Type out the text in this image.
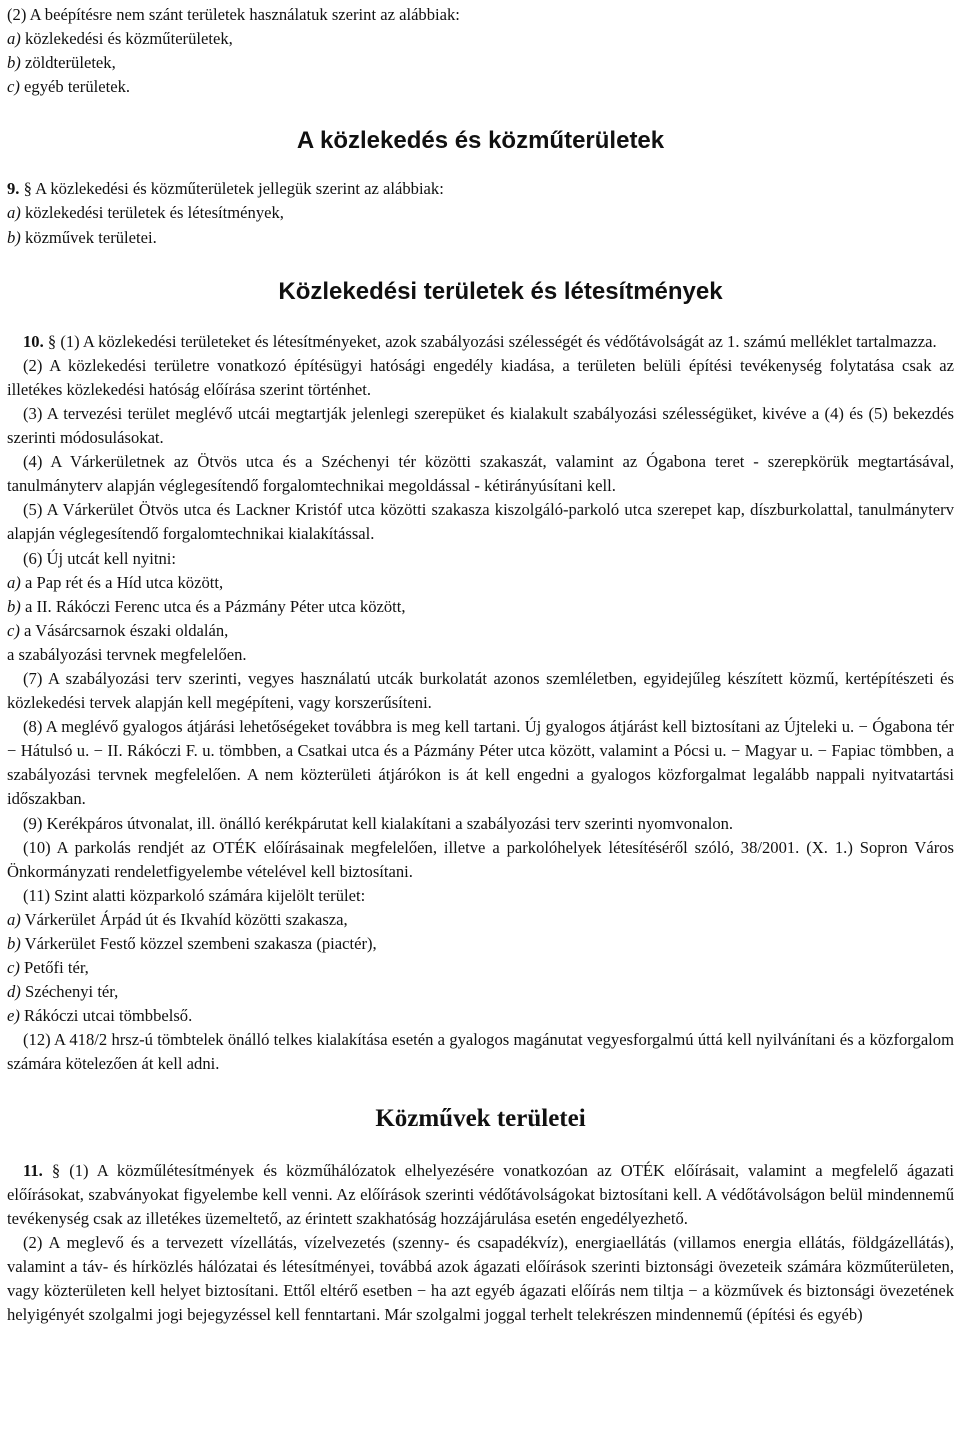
(2) A beépítésre nem szánt területek használatuk szerint az alábbiak:
a) közlekedési és közműterületek,
b) zöldterületek,
c) egyéb területek.
A közlekedés és közműterületek
9. § A közlekedési és közműterületek jellegük szerint az alábbiak:
a) közlekedési területek és létesítmények,
b) közművek területei.
Közlekedési területek és létesítmények

10. § (1) A közlekedési területeket és létesítményeket, azok szabályozási szélességét és védőtávolságát az 1. számú melléklet tartalmazza.

(2) A közlekedési területre vonatkozó építésügyi hatósági engedély kiadása, a területen belüli építési tevékenység folytatása csak az illetékes közlekedési hatóság előírása szerint történhet.

(3) A tervezési terület meglévő utcái megtartják jelenlegi szerepüket és kialakult szabályozási szélességüket, kivéve a (4) és (5) bekezdés szerinti módosulásokat.

(4) A Várkerületnek az Ötvös utca és a Széchenyi tér közötti szakaszát, valamint az Ógabona teret - szerepkörük megtartásával, tanulmányterv alapján véglegesítendő forgalomtechnikai megoldással - kétirányúsítani kell.

(5) A Várkerület Ötvös utca és Lackner Kristóf utca közötti szakasza kiszolgáló-parkoló utca szerepet kap, díszburkolattal, tanulmányterv alapján véglegesítendő forgalomtechnikai kialakítással.

(6) Új utcát kell nyitni:

a) a Pap rét és a Híd utca között,

b) a II. Rákóczi Ferenc utca és a Pázmány Péter utca között,

c) a Vásárcsarnok északi oldalán,

a szabályozási tervnek megfelelően.

(7) A szabályozási terv szerinti, vegyes használatú utcák burkolatát azonos szemléletben, egyidejűleg készített közmű, kertépítészeti és közlekedési tervek alapján kell megépíteni, vagy korszerűsíteni.

(8) A meglévő gyalogos átjárási lehetőségeket továbbra is meg kell tartani. Új gyalogos átjárást kell biztosítani az Újteleki u. − Ógabona tér − Hátulsó u. − II. Rákóczi F. u. tömbben, a Csatkai utca és a Pázmány Péter utca között, valamint a Pócsi u. − Magyar u. − Fapiac tömbben, a szabályozási tervnek megfelelően. A nem közterületi átjárókon is át kell engedni a gyalogos közforgalmat legalább nappali nyitvatartási időszakban.

(9) Kerékpáros útvonalat, ill. önálló kerékpárutat kell kialakítani a szabályozási terv szerinti nyomvonalon.

(10) A parkolás rendjét az OTÉK előírásainak megfelelően, illetve a parkolóhelyek létesítéséről szóló, 38/2001. (X. 1.) Sopron Város Önkormányzati rendeletfigyelembe vételével kell biztosítani.

(11) Szint alatti közparkoló számára kijelölt terület:

a) Várkerület Árpád út és Ikvahíd közötti szakasza,

b) Várkerület Festő közzel szembeni szakasza (piactér),

c) Petőfi tér,

d) Széchenyi tér,

e) Rákóczi utcai tömbbelső.

(12) A 418/2 hrsz-ú tömbtelek önálló telkes kialakítása esetén a gyalogos magánutat vegyesforgalmú úttá kell nyilvánítani és a közforgalom számára kötelezően át kell adni.

Közművek területei

11. § (1) A közműlétesítmények és közműhálózatok elhelyezésére vonatkozóan az OTÉK előírásait, valamint a megfelelő ágazati előírásokat, szabványokat figyelembe kell venni. Az előírások szerinti védőtávolságokat biztosítani kell. A védőtávolságon belül mindennemű tevékenység csak az illetékes üzemeltető, az érintett szakhatóság hozzájárulása esetén engedélyezhető.

(2) A meglevő és a tervezett vízellátás, vízelvezetés (szenny- és csapadékvíz), energiaellátás (villamos energia ellátás, földgázellátás), valamint a táv- és hírközlés hálózatai és létesítményei, továbbá azok ágazati előírások szerinti biztonsági övezeteik számára közműterületen, vagy közterületen kell helyet biztosítani. Ettől eltérő esetben − ha azt egyéb ágazati előírás nem tiltja − a közművek és biztonsági övezetének helyigényét szolgalmi jogi bejegyzéssel kell fenntartani. Már szolgalmi joggal terhelt telekrészen mindennemű (építési és egyéb)
